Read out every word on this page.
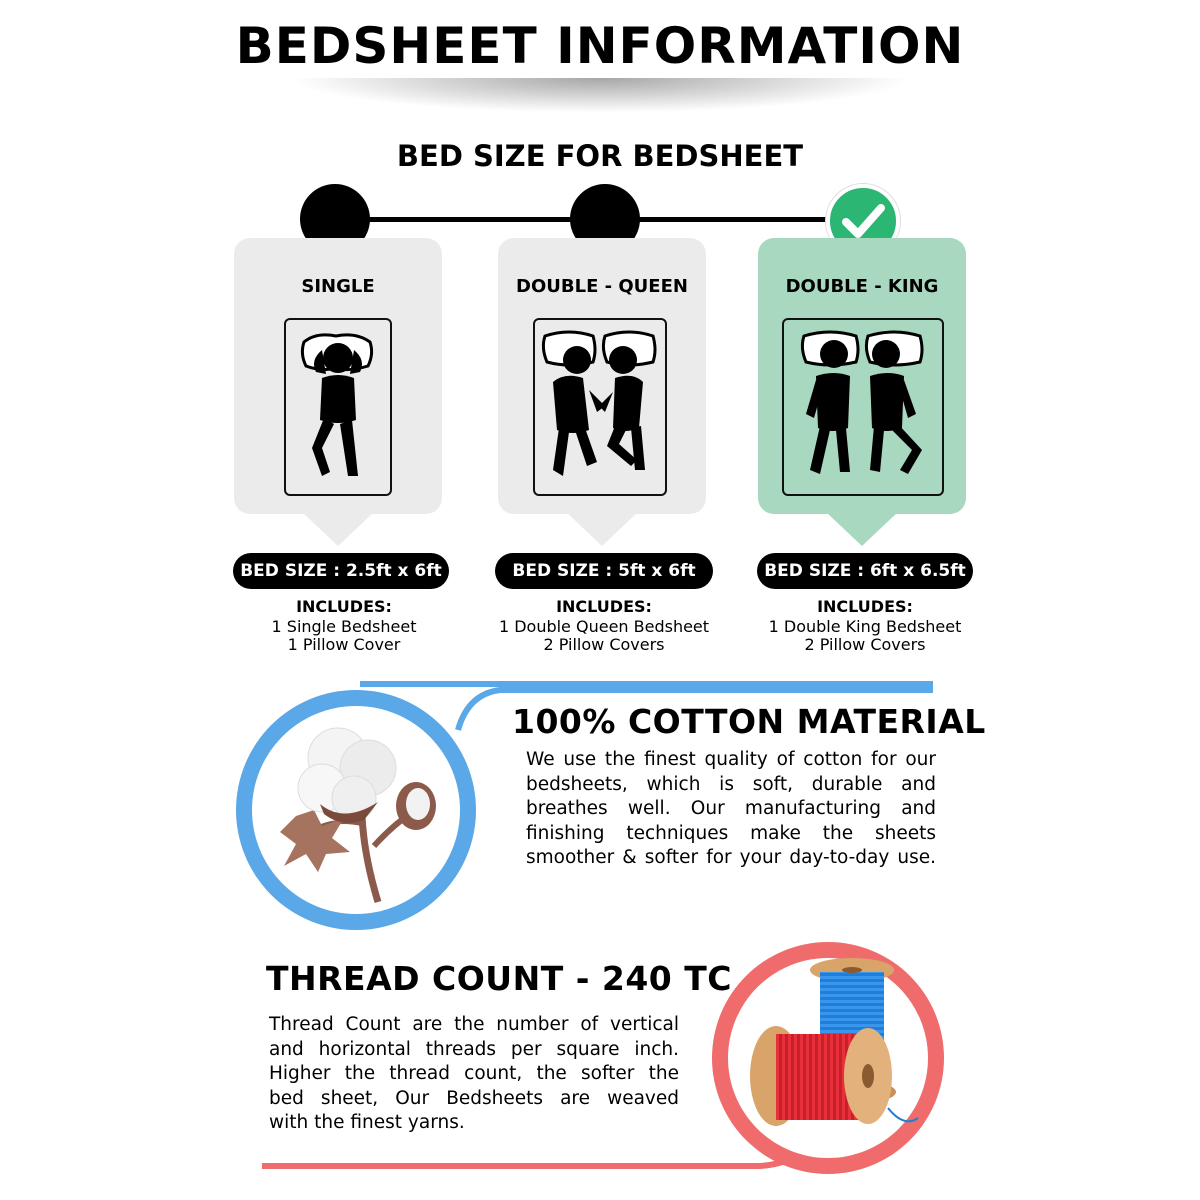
BEDSHEET INFORMATION
BED SIZE FOR BEDSHEET
SINGLE	DOUBLE - QUEEN	DOUBLE - KING
BED SIZE : 2.5ft x 6ft	BED SIZE : 5ft x 6ft	BED SIZE : 6ft x 6.5ft
INCLUDES:
1 Single Bedsheet
1 Pillow Cover
INCLUDES:
1 Double Queen Bedsheet
2 Pillow Covers
INCLUDES:
1 Double King Bedsheet
2 Pillow Covers
100% COTTON MATERIAL
We use the finest quality of cotton for our
bedsheets, which is soft, durable and
breathes well. Our manufacturing and
finishing techniques make the sheets
smoother & softer for your day-to-day use.
THREAD COUNT - 240 TC
Thread Count are the number of vertical
and horizontal threads per square inch.
Higher the thread count, the softer the
bed sheet, Our Bedsheets are weaved
with the finest yarns.
